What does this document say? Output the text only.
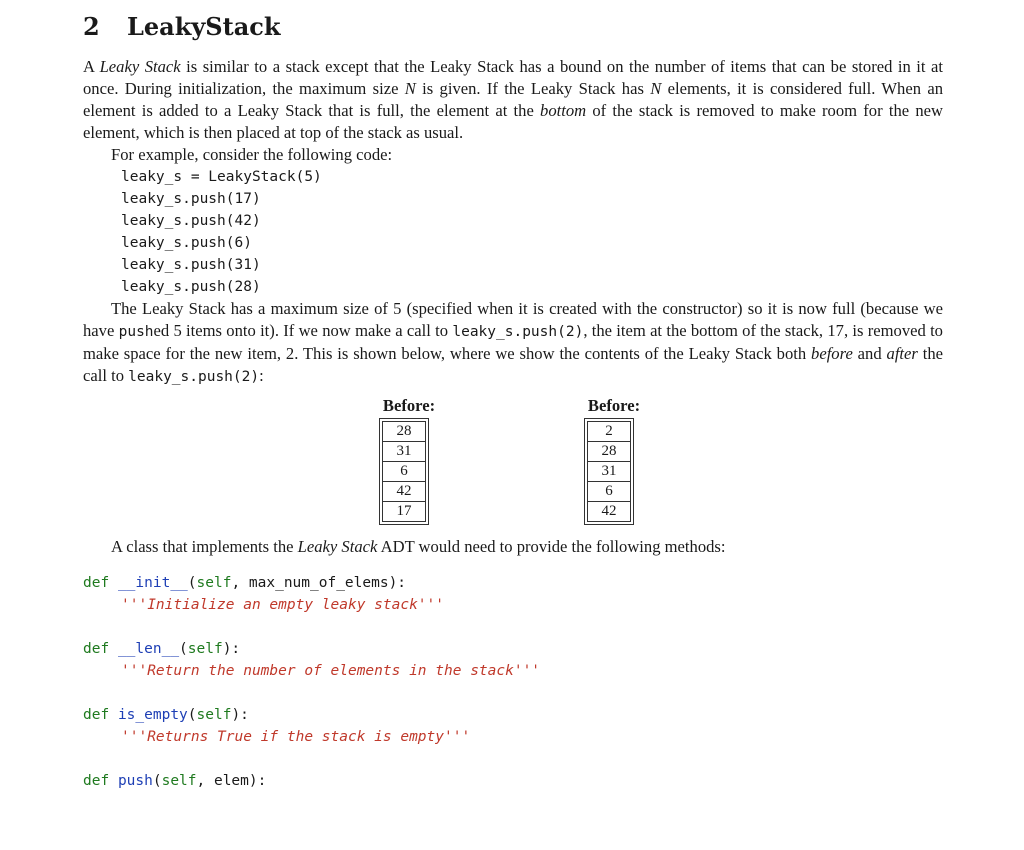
2 LeakyStack

A Leaky Stack is similar to a stack except that the Leaky Stack has a bound on the number of items that can be stored in it at once. During initialization, the maximum size N is given. If the Leaky Stack has N elements, it is considered full. When an element is added to a Leaky Stack that is full, the element at the bottom of the stack is removed to make room for the new element, which is then placed at top of the stack as usual.

For example, consider the following code:

leaky_s = LeakyStack(5)
leaky_s.push(17)
leaky_s.push(42)
leaky_s.push(6)
leaky_s.push(31)
leaky_s.push(28)

The Leaky Stack has a maximum size of 5 (specified when it is created with the constructor) so it is now full (because we have pushed 5 items onto it). If we now make a call to leaky_s.push(2), the item at the bottom of the stack, 17, is removed to make space for the new item, 2. This is shown below, where we show the contents of the Leaky Stack both before and after the call to leaky_s.push(2):

Before:
28
31
6
42
17
Before:
2
28
31
6
42

A class that implements the Leaky Stack ADT would need to provide the following methods:

def __init__(self, max_num_of_elems):
'''Initialize an empty leaky stack'''
def __len__(self):
'''Return the number of elements in the stack'''
def is_empty(self):
'''Returns True if the stack is empty'''
def push(self, elem):
